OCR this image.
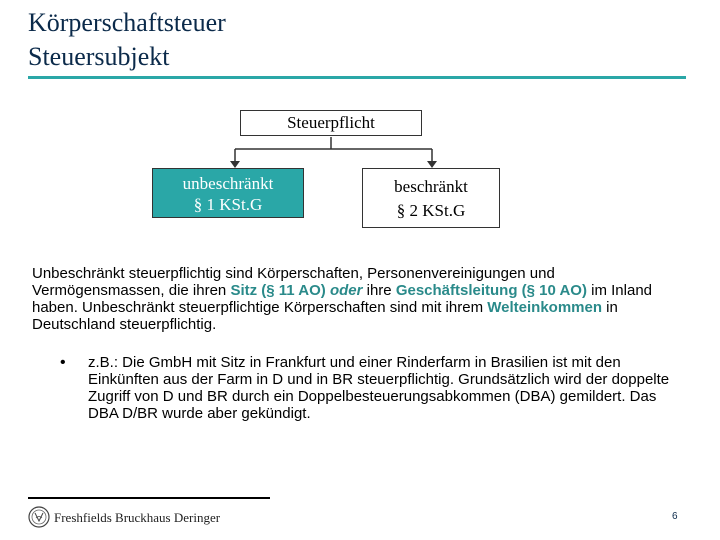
Körperschaftsteuer
Steuersubjekt
Steuerpflicht
unbeschränkt
§ 1 KSt.G
beschränkt
§ 2 KSt.G

Unbeschränkt steuerpflichtig sind Körperschaften, Personenvereinigungen und Vermögensmassen, die ihren Sitz (§ 11 AO) oder ihre Geschäftsleitung (§ 10 AO) im Inland haben. Unbeschränkt steuerpflichtige Körperschaften sind mit ihrem Welteinkommen in Deutschland steuerpflichtig.

• z.B.: Die GmbH mit Sitz in Frankfurt und einer Rinderfarm in Brasilien ist mit den Einkünften aus der Farm in D und in BR steuerpflichtig. Grundsätzlich wird der doppelte Zugriff von D und BR durch ein Doppelbesteuerungsabkommen (DBA) gemildert. Das DBA D/BR wurde aber gekündigt.

Freshfields Bruckhaus Deringer	6
